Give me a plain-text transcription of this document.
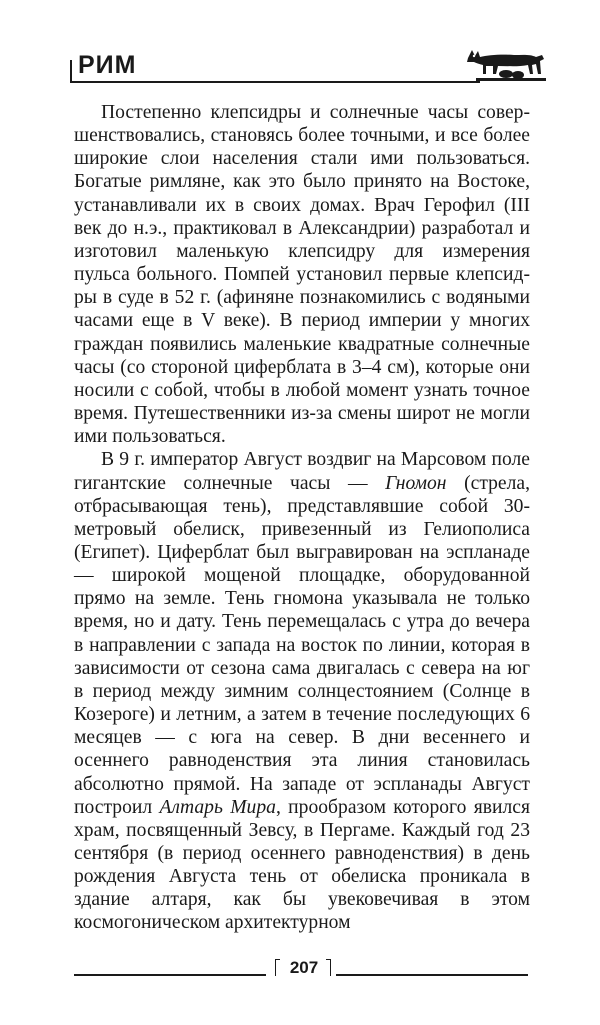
РИМ

Постепенно клепсидры и солнечные часы совершенствовались, становясь более точными, и все более широкие слои населения стали ими пользоваться. Богатые римляне, как это было принято на Востоке, устанавливали их в своих домах. Врач Герофил (III век до н.э., практиковал в Александрии) разработал и изготовил маленькую клепсидру для измерения пульса больного. Помпей установил первые клепсидры в суде в 52 г. (афиняне познакомились с водяными часами еще в V веке). В период империи у многих граждан появились маленькие квадратные солнечные часы (со стороной циферблата в 3–4 см), которые они носили с собой, чтобы в любой момент узнать точное время. Путешественники из-за смены широт не могли ими пользоваться.

В 9 г. император Август воздвиг на Марсовом поле гигантские солнечные часы — Гномон (стрела, отбрасывающая тень), представлявшие собой 30-метровый обелиск, привезенный из Гелиополиса (Египет). Циферблат был выгравирован на эспланаде — широкой мощеной площадке, оборудованной прямо на земле. Тень гномона указывала не только время, но и дату. Тень перемещалась с утра до вечера в направлении с запада на восток по линии, которая в зависимости от сезона сама двигалась с севера на юг в период между зимним солнцестоянием (Солнце в Козероге) и летним, а затем в течение последующих 6 месяцев — с юга на север. В дни весеннего и осеннего равноденствия эта линия становилась абсолютно прямой. На западе от эспланады Август построил Алтарь Мира, прообразом которого явился храм, посвященный Зевсу, в Пергаме. Каждый год 23 сентября (в период осеннего равноденствия) в день рождения Августа тень от обелиска проникала в здание алтаря, как бы увековечивая в этом космогоническом архитектурном

207
